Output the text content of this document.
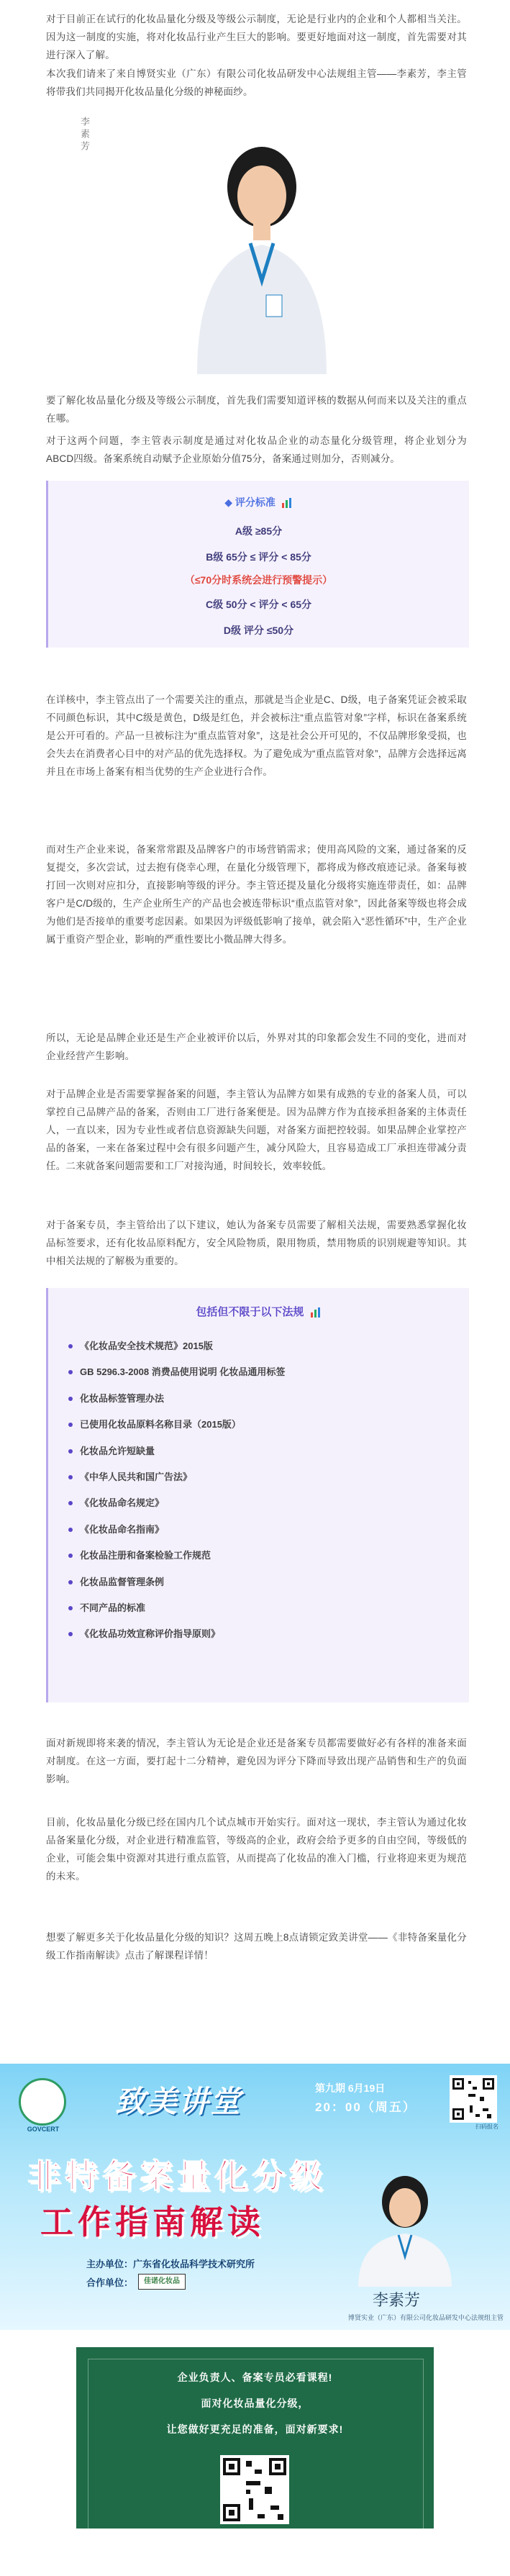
对于目前正在试行的化妆品量化分级及等级公示制度，无论是行业内的企业和个人都相当关注。因为这一制度的实施，将对化妆品行业产生巨大的影响。要更好地面对这一制度，首先需要对其进行深入了解。

本次我们请来了来自博贤实业（广东）有限公司化妆品研发中心法规组主管——李素芳，李主管将带我们共同揭开化妆品量化分级的神秘面纱。

李素芳

要了解化妆品量化分级及等级公示制度，首先我们需要知道评核的数据从何而来以及关注的重点在哪。

对于这两个问题，李主管表示制度是通过对化妆品企业的动态量化分级管理，将企业划分为ABCD四级。备案系统自动赋予企业原始分值75分，备案通过则加分，否则减分。

◆ 评分标准
A级 ≥85分
B级 65分 ≤ 评分 < 85分
（≤70分时系统会进行预警提示）
C级 50分 < 评分 < 65分
D级 评分 ≤50分

在详核中，李主管点出了一个需要关注的重点，那就是当企业是C、D级，电子备案凭证会被采取不同颜色标识，其中C级是黄色，D级是红色，并会被标注“重点监管对象”字样，标识在备案系统是公开可看的。产品一旦被标注为“重点监管对象”，这是社会公开可见的，不仅品牌形象受损，也会失去在消费者心目中的对产品的优先选择权。为了避免成为“重点监管对象”，品牌方会选择远离并且在市场上备案有相当优势的生产企业进行合作。

而对生产企业来说，备案常常跟及品牌客户的市场营销需求；使用高风险的文案，通过备案的反复提交，多次尝试，过去抱有侥幸心理，在量化分级管理下，都将成为修改痕迹记录。备案每被打回一次则对应扣分，直接影响等级的评分。李主管还提及量化分级将实施连带责任，如：品牌客户是C/D级的，生产企业所生产的产品也会被连带标识“重点监管对象”，因此备案等级也将会成为他们是否接单的重要考虑因素。如果因为评级低影响了接单，就会陷入“恶性循环”中，生产企业属于重资产型企业，影响的严重性要比小微品牌大得多。

所以，无论是品牌企业还是生产企业被评价以后，外界对其的印象都会发生不同的变化，进而对企业经营产生影响。

对于品牌企业是否需要掌握备案的问题，李主管认为品牌方如果有成熟的专业的备案人员，可以掌控自己品牌产品的备案，否则由工厂进行备案便是。因为品牌方作为直接承担备案的主体责任人，一直以来，因为专业性或者信息资源缺失问题，对备案方面把控较弱。如果品牌企业掌控产品的备案，一来在备案过程中会有很多问题产生，减分风险大，且容易造成工厂承担连带减分责任。二来就备案问题需要和工厂对接沟通，时间较长，效率较低。

对于备案专员，李主管给出了以下建议，她认为备案专员需要了解相关法规，需要熟悉掌握化妆品标签要求，还有化妆品原料配方，安全风险物质，限用物质，禁用物质的识别规避等知识。其中相关法规的了解极为重要的。

包括但不限于以下法规
《化妆品安全技术规范》2015版
GB 5296.3-2008 消费品使用说明 化妆品通用标签
化妆品标签管理办法
已使用化妆品原料名称目录（2015版）
化妆品允许短缺量
《中华人民共和国广告法》
《化妆品命名规定》
《化妆品命名指南》
化妆品注册和备案检验工作规范
化妆品监督管理条例
不同产品的标准
《化妆品功效宣称评价指导原则》

面对新规即将来袭的情况，李主管认为无论是企业还是备案专员都需要做好必有各样的准备来面对制度。在这一方面，要打起十二分精神，避免因为评分下降而导致出现产品销售和生产的负面影响。

目前，化妆品量化分级已经在国内几个试点城市开始实行。面对这一现状，李主管认为通过化妆品备案量化分级，对企业进行精准监管，等级高的企业，政府会给予更多的自由空间，等级低的企业，可能会集中资源对其进行重点监管，从而提高了化妆品的准入门槛，行业将迎来更为规范的未来。

想要了解更多关于化妆品量化分级的知识？这周五晚上8点请锁定致美讲堂——《非特备案量化分级工作指南解读》点击了解课程详情！

GOVCERT
致美讲堂	第九期 6月19日
20：00（周五）
扫码报名
非特备案量化分级
工作指南解读
主办单位：广东省化妆品科学技术研究所
合作单位：	佳诺化妆品
李素芳
博贤实业（广东）有限公司化妆品研发中心法规组主管
企业负责人、备案专员必看课程!
面对化妆品量化分级，
让您做好更充足的准备，面对新要求!
